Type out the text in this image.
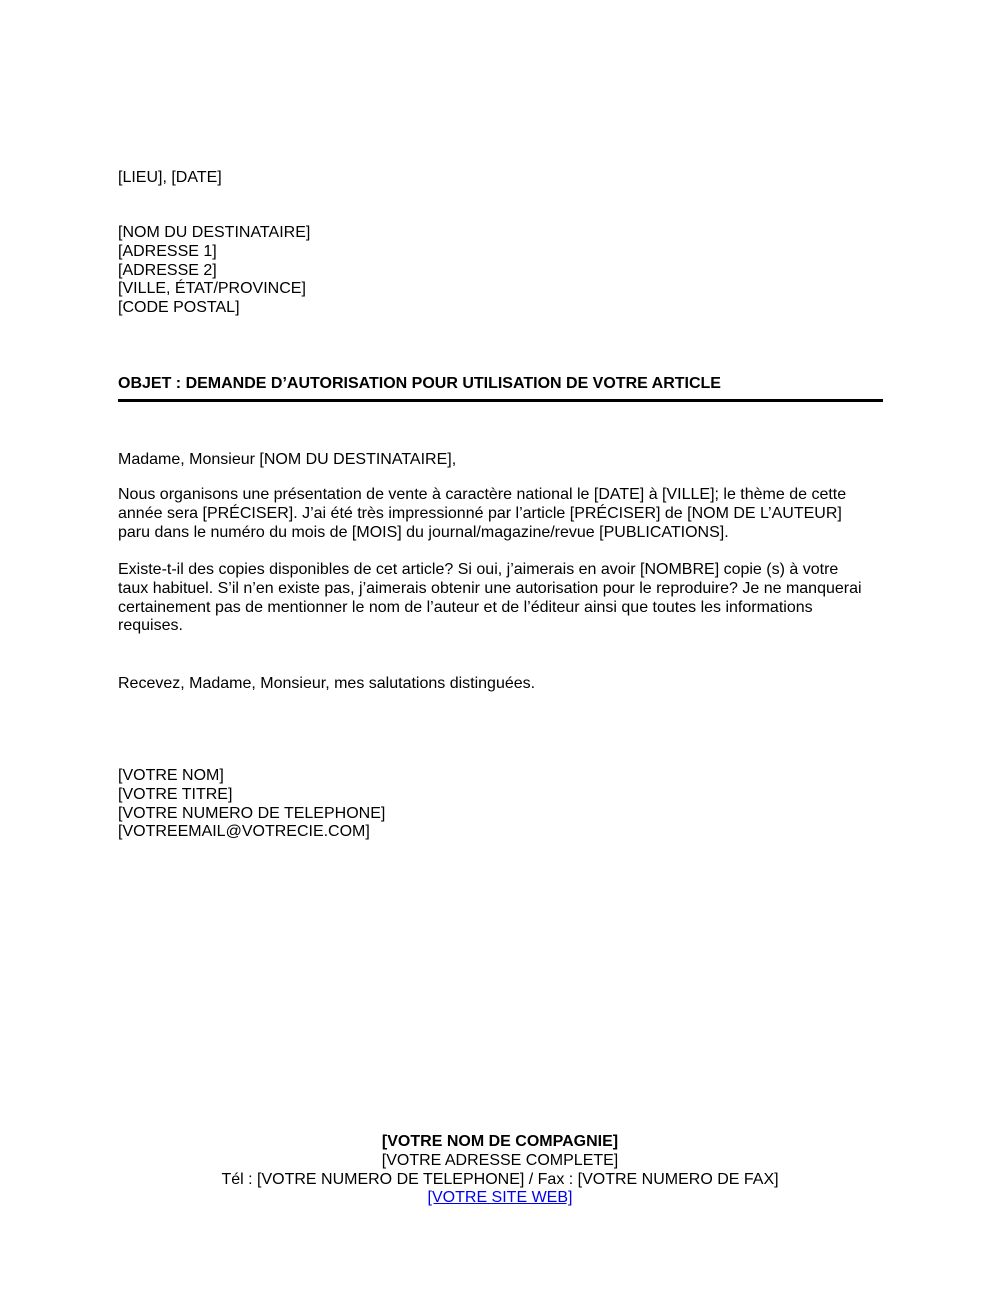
[LIEU], [DATE]

[NOM DU DESTINATAIRE]
[ADRESSE 1]
[ADRESSE 2]
[VILLE, ÉTAT/PROVINCE]
[CODE POSTAL]
OBJET : DEMANDE D’AUTORISATION POUR UTILISATION DE VOTRE ARTICLE

Madame, Monsieur [NOM DU DESTINATAIRE],

Nous organisons une présentation de vente à caractère national le [DATE] à [VILLE]; le thème de cette
année sera [PRÉCISER]. J’ai été très impressionné par l’article [PRÉCISER] de [NOM DE L’AUTEUR]
paru dans le numéro du mois de [MOIS] du journal/magazine/revue [PUBLICATIONS].
Existe-t-il des copies disponibles de cet article? Si oui, j’aimerais en avoir [NOMBRE] copie (s) à votre
taux habituel. S’il n’en existe pas, j’aimerais obtenir une autorisation pour le reproduire? Je ne manquerai
certainement pas de mentionner le nom de l’auteur et de l’éditeur ainsi que toutes les informations
requises.

Recevez, Madame, Monsieur, mes salutations distinguées.

[VOTRE NOM]
[VOTRE TITRE]
[VOTRE NUMERO DE TELEPHONE]
[VOTREEMAIL@VOTRECIE.COM]
[VOTRE NOM DE COMPAGNIE]
[VOTRE ADRESSE COMPLETE]
Tél : [VOTRE NUMERO DE TELEPHONE] / Fax : [VOTRE NUMERO DE FAX]
[VOTRE SITE WEB]
